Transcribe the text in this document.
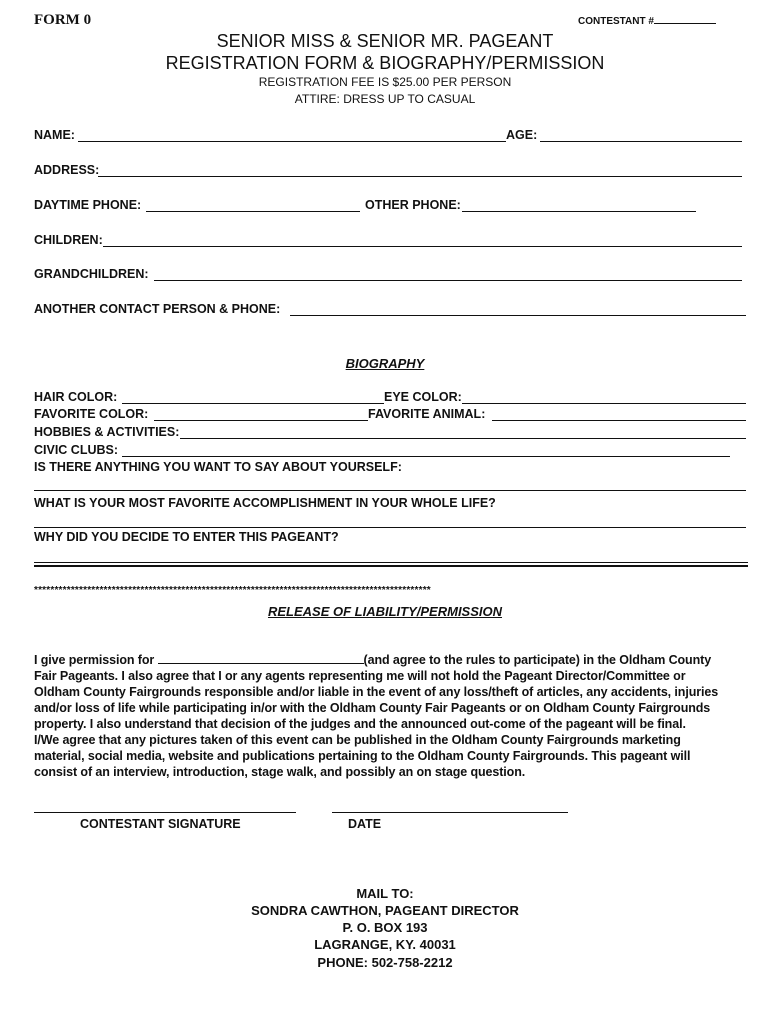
FORM 0	CONTESTANT #
SENIOR MISS & SENIOR MR. PAGEANT
REGISTRATION FORM & BIOGRAPHY/PERMISSION
REGISTRATION FEE IS $25.00 PER PERSON
ATTIRE: DRESS UP TO CASUAL
NAME:	AGE:
ADDRESS:
DAYTIME PHONE:	OTHER PHONE:
CHILDREN:
GRANDCHILDREN:
ANOTHER CONTACT PERSON & PHONE:
BIOGRAPHY
HAIR COLOR:	EYE COLOR:
FAVORITE COLOR:	FAVORITE ANIMAL:
HOBBIES & ACTIVITIES:
CIVIC CLUBS:
IS THERE ANYTHING YOU WANT TO SAY ABOUT YOURSELF:
WHAT IS YOUR MOST FAVORITE ACCOMPLISHMENT IN YOUR WHOLE LIFE?
WHY DID YOU DECIDE TO ENTER THIS PAGEANT?
*************************************************************************************************
RELEASE OF LIABILITY/PERMISSION
I give permission for	(and agree to the rules to participate) in the Oldham County
Fair Pageants. I also agree that I or any agents representing me will not hold the Pageant Director/Committee or
Oldham County Fairgrounds responsible and/or liable in the event of any loss/theft of articles, any accidents, injuries
and/or loss of life while participating in/or with the Oldham County Fair Pageants or on Oldham County Fairgrounds
property. I also understand that decision of the judges and the announced out-come of the pageant will be final.
I/We agree that any pictures taken of this event can be published in the Oldham County Fairgrounds marketing
material, social media, website and publications pertaining to the Oldham County Fairgrounds. This pageant will
consist of an interview, introduction, stage walk, and possibly an on stage question.
CONTESTANT SIGNATURE	DATE
MAIL TO:
SONDRA CAWTHON, PAGEANT DIRECTOR
P. O. BOX 193
LAGRANGE, KY. 40031
PHONE: 502-758-2212
